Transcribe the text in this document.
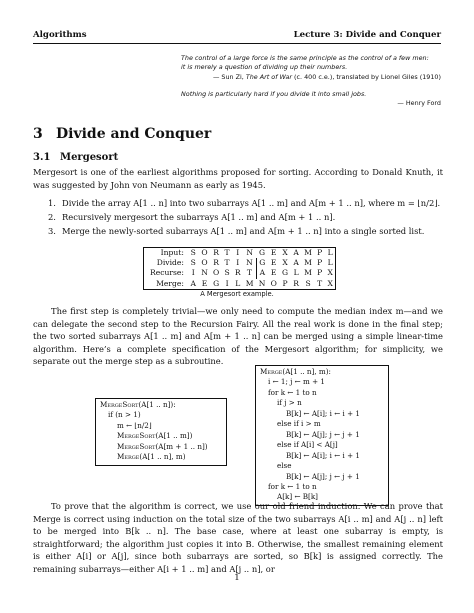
Algorithms	Lecture 3: Divide and Conquer
The control of a large force is the same principle as the control of a few men:
it is merely a question of dividing up their numbers.
— Sun Zi, The Art of War (c. 400 c.e.), translated by Lionel Giles (1910)
Nothing is particularly hard if you divide it into small jobs.
— Henry Ford
3 Divide and Conquer
3.1 Mergesort
Mergesort is one of the earliest algorithms proposed for sorting. According to Donald Knuth, it was suggested by John von Neumann as early as 1945.
1. Divide the array A[1 .. n] into two subarrays A[1 .. m] and A[m + 1 .. n], where m = ⌊n/2⌋.
2. Recursively mergesort the subarrays A[1 .. m] and A[m + 1 .. n].
3. Merge the newly-sorted subarrays A[1 .. m] and A[m + 1 .. n] into a single sorted list.
Input:	S	O	R	T	I	N	G	E	X	A	M	P	L
Divide:	S	O	R	T	I	N	G	E	X	A	M	P	L
Recurse:	I	N	O	S	R	T	A	E	G	L	M	P	X
Merge:	A	E	G	I	L	M	N	O	P	R	S	T	X
A Mergesort example.
The first step is completely trivial—we only need to compute the median index m—and we can delegate the second step to the Recursion Fairy. All the real work is done in the final step; the two sorted subarrays A[1 .. m] and A[m + 1 .. n] can be merged using a simple linear-time algorithm. Here’s a complete specification of the Mergesort algorithm; for simplicity, we separate out the merge step as a subroutine.
MergeSort(A[1 .. n]):
if (n > 1)
m ← ⌊n/2⌋
MergeSort(A[1 .. m])
MergeSort(A[m + 1 .. n])
Merge(A[1 .. n], m)
Merge(A[1 .. n], m):
i ← 1; j ← m + 1
for k ← 1 to n
if j > n
B[k] ← A[i]; i ← i + 1
else if i > m
B[k] ← A[j]; j ← j + 1
else if A[i] < A[j]
B[k] ← A[i]; i ← i + 1
else
B[k] ← A[j]; j ← j + 1
for k ← 1 to n
A[k] ← B[k]
To prove that the algorithm is correct, we use our old friend induction. We can prove that Merge is correct using induction on the total size of the two subarrays A[i .. m] and A[j .. n] left to be merged into B[k .. n]. The base case, where at least one subarray is empty, is straightforward; the algorithm just copies it into B. Otherwise, the smallest remaining element is either A[i] or A[j], since both subarrays are sorted, so B[k] is assigned correctly. The remaining subarrays—either A[i + 1 .. m] and A[j .. n], or
1
